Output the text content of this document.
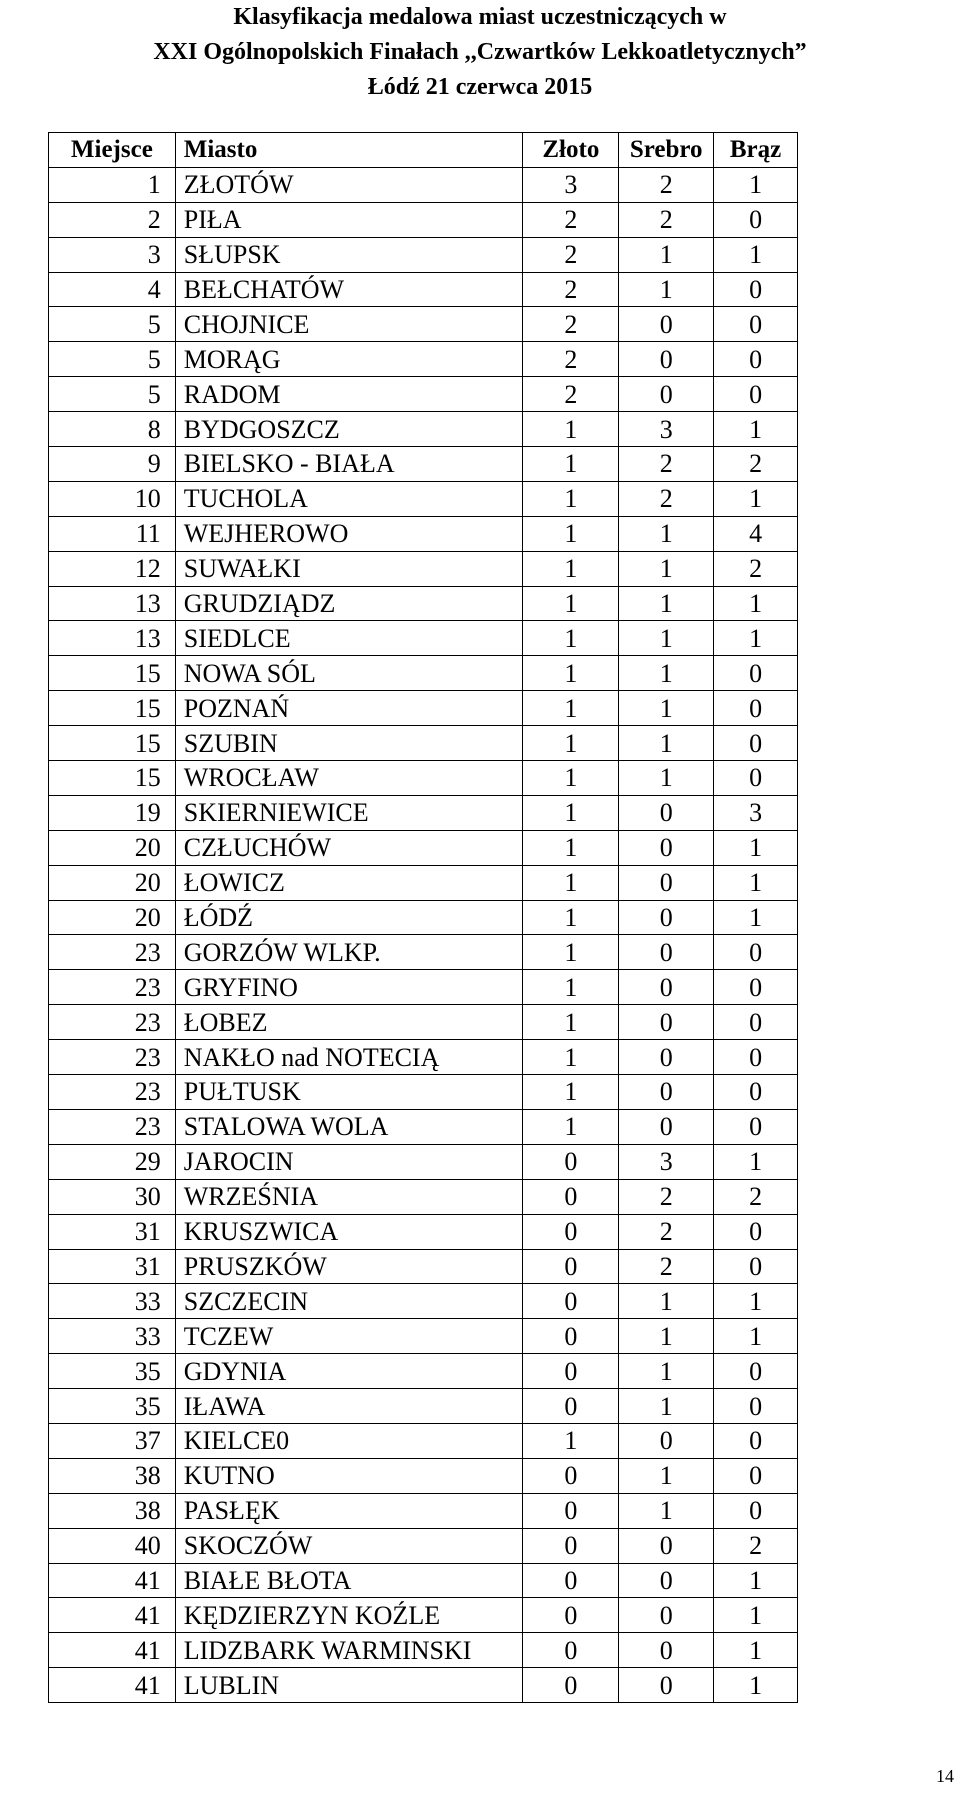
Klasyfikacja medalowa miast uczestniczących w
XXI Ogólnopolskich Finałach ,,Czwartków Lekkoatletycznych”
Łódź 21 czerwca 2015
Miejsce	Miasto	Złoto	Srebro	Brąz
1	ZŁOTÓW	3	2	1
2	PIŁA	2	2	0
3	SŁUPSK	2	1	1
4	BEŁCHATÓW	2	1	0
5	CHOJNICE	2	0	0
5	MORĄG	2	0	0
5	RADOM	2	0	0
8	BYDGOSZCZ	1	3	1
9	BIELSKO - BIAŁA	1	2	2
10	TUCHOLA	1	2	1
11	WEJHEROWO	1	1	4
12	SUWAŁKI	1	1	2
13	GRUDZIĄDZ	1	1	1
13	SIEDLCE	1	1	1
15	NOWA SÓL	1	1	0
15	POZNAŃ	1	1	0
15	SZUBIN	1	1	0
15	WROCŁAW	1	1	0
19	SKIERNIEWICE	1	0	3
20	CZŁUCHÓW	1	0	1
20	ŁOWICZ	1	0	1
20	ŁÓDŹ	1	0	1
23	GORZÓW WLKP.	1	0	0
23	GRYFINO	1	0	0
23	ŁOBEZ	1	0	0
23	NAKŁO nad NOTECIĄ	1	0	0
23	PUŁTUSK	1	0	0
23	STALOWA WOLA	1	0	0
29	JAROCIN	0	3	1
30	WRZEŚNIA	0	2	2
31	KRUSZWICA	0	2	0
31	PRUSZKÓW	0	2	0
33	SZCZECIN	0	1	1
33	TCZEW	0	1	1
35	GDYNIA	0	1	0
35	IŁAWA	0	1	0
37	KIELCE0	1	0	0
38	KUTNO	0	1	0
38	PASŁĘK	0	1	0
40	SKOCZÓW	0	0	2
41	BIAŁE BŁOTA	0	0	1
41	KĘDZIERZYN KOŹLE	0	0	1
41	LIDZBARK WARMINSKI	0	0	1
41	LUBLIN	0	0	1
14
